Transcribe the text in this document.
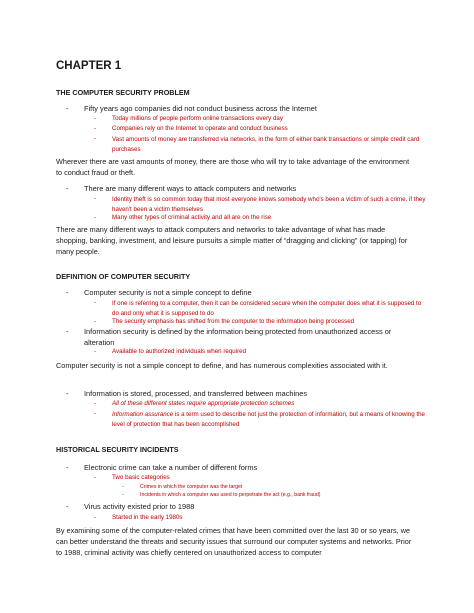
CHAPTER 1
THE COMPUTER SECURITY PROBLEM
- Fifty years ago companies did not conduct business across the Internet
-	Today millions of people perform online transactions every day
-	Companies rely on the Internet to operate and conduct business
-	Vast amounts of money are transferred via networks, in the form of either bank transactions or simple credit card purchases
Wherever there are vast amounts of money, there are those who will try to take advantage of the environment to conduct fraud or theft.
- There are many different ways to attack computers and networks
-	Identity theft is so common today that most everyone knows somebody who's been a victim of such a crime, if they haven't been a victim themselves
-	Many other types of criminal activity and all are on the rise
There are many different ways to attack computers and networks to take advantage of what has made shopping, banking, investment, and leisure pursuits a simple matter of “dragging and clicking” (or tapping) for many people.
DEFINITION OF COMPUTER SECURITY
- Computer security is not a simple concept to define
-	If one is referring to a computer, then it can be considered secure when the computer does what it is supposed to do and only what it is supposed to do
-	The security emphasis has shifted from the computer to the information being processed
- Information security is defined by the information being protected from unauthorized access or alteration
-	Available to authorized individuals when required
Computer security is not a simple concept to define, and has numerous complexities associated with it.
- Information is stored, processed, and transferred between machines
-	All of these different states require appropriate protection schemes
-	Information assurance is a term used to describe not just the protection of information, but a means of knowing the level of protection that has been accomplished
HISTORICAL SECURITY INCIDENTS
- Electronic crime can take a number of different forms
-	Two basic categories
-	Crimes in which the computer was the target
-	Incidents in which a computer was used to perpetrate the act (e.g., bank fraud)
- Virus activity existed prior to 1988
-	Started in the early 1980s
By examining some of the computer-related crimes that have been committed over the last 30 or so years, we can better understand the threats and security issues that surround our computer systems and networks. Prior to 1988, criminal activity was chiefly centered on unauthorized access to computer
